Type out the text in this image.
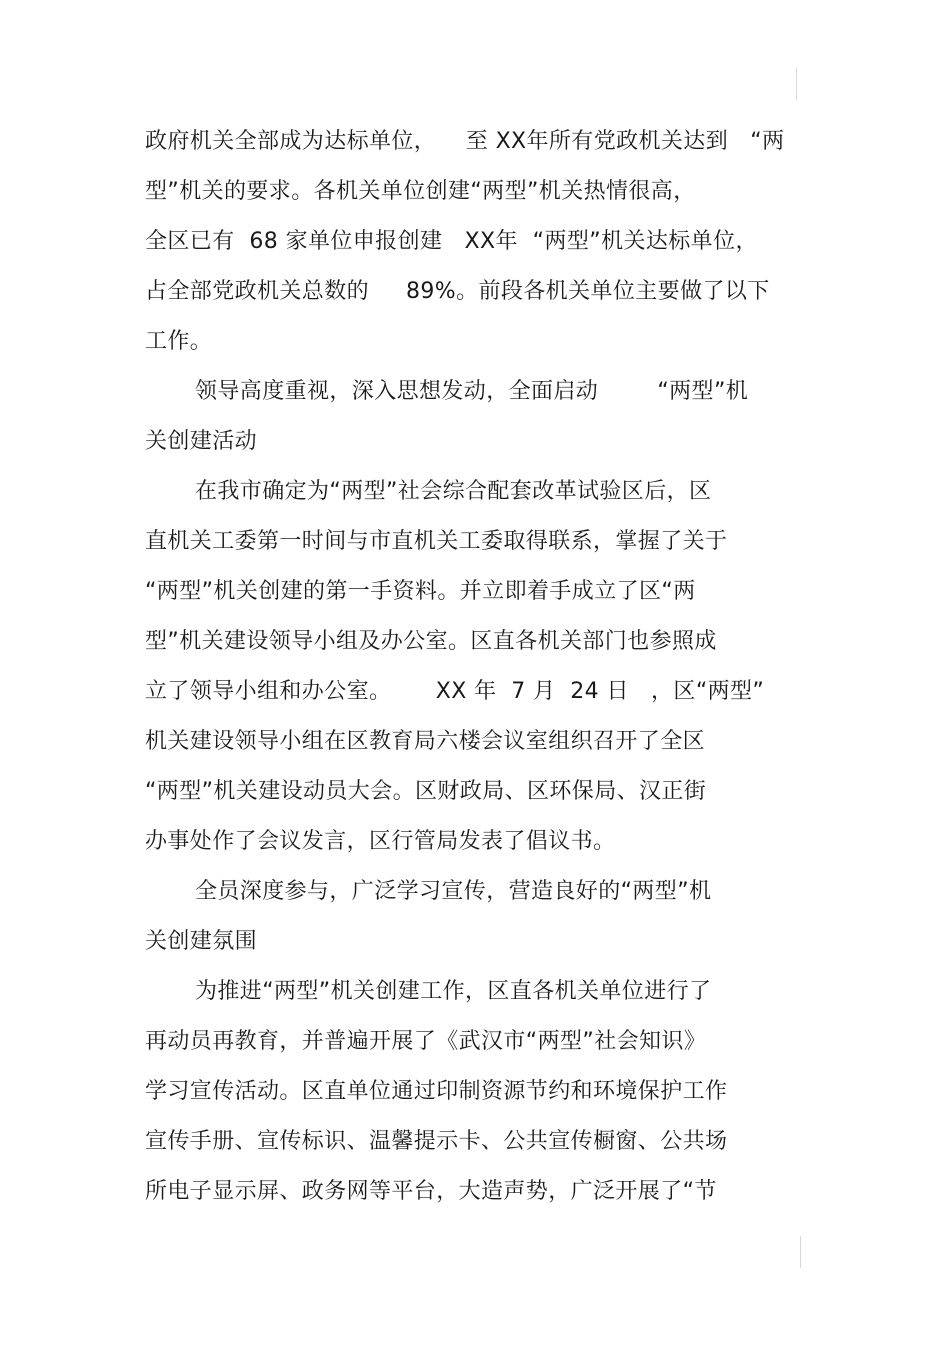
政府机关全部成为达标单位，    至 XX年所有党政机关达到   “两
型”机关的要求。各机关单位创建“两型”机关热情很高，
全区已有  68 家单位申报创建   XX年  “两型”机关达标单位，
占全部党政机关总数的     89%。前段各机关单位主要做了以下
工作。
领导高度重视，深入思想发动，全面启动        “两型”机
关创建活动
在我市确定为“两型”社会综合配套改革试验区后，区
直机关工委第一时间与市直机关工委取得联系，掌握了关于
“两型”机关创建的第一手资料。并立即着手成立了区“两
型”机关建设领导小组及办公室。区直各机关部门也参照成
立了领导小组和办公室。      XX 年  7 月  24 日   ，区“两型”
机关建设领导小组在区教育局六楼会议室组织召开了全区
“两型”机关建设动员大会。区财政局、区环保局、汉正街
办事处作了会议发言，区行管局发表了倡议书。
全员深度参与，广泛学习宣传，营造良好的“两型”机
关创建氛围
为推进“两型”机关创建工作，区直各机关单位进行了
再动员再教育，并普遍开展了《武汉市“两型”社会知识》
学习宣传活动。区直单位通过印制资源节约和环境保护工作
宣传手册、宣传标识、温馨提示卡、公共宣传橱窗、公共场
所电子显示屏、政务网等平台，大造声势，广泛开展了“节
